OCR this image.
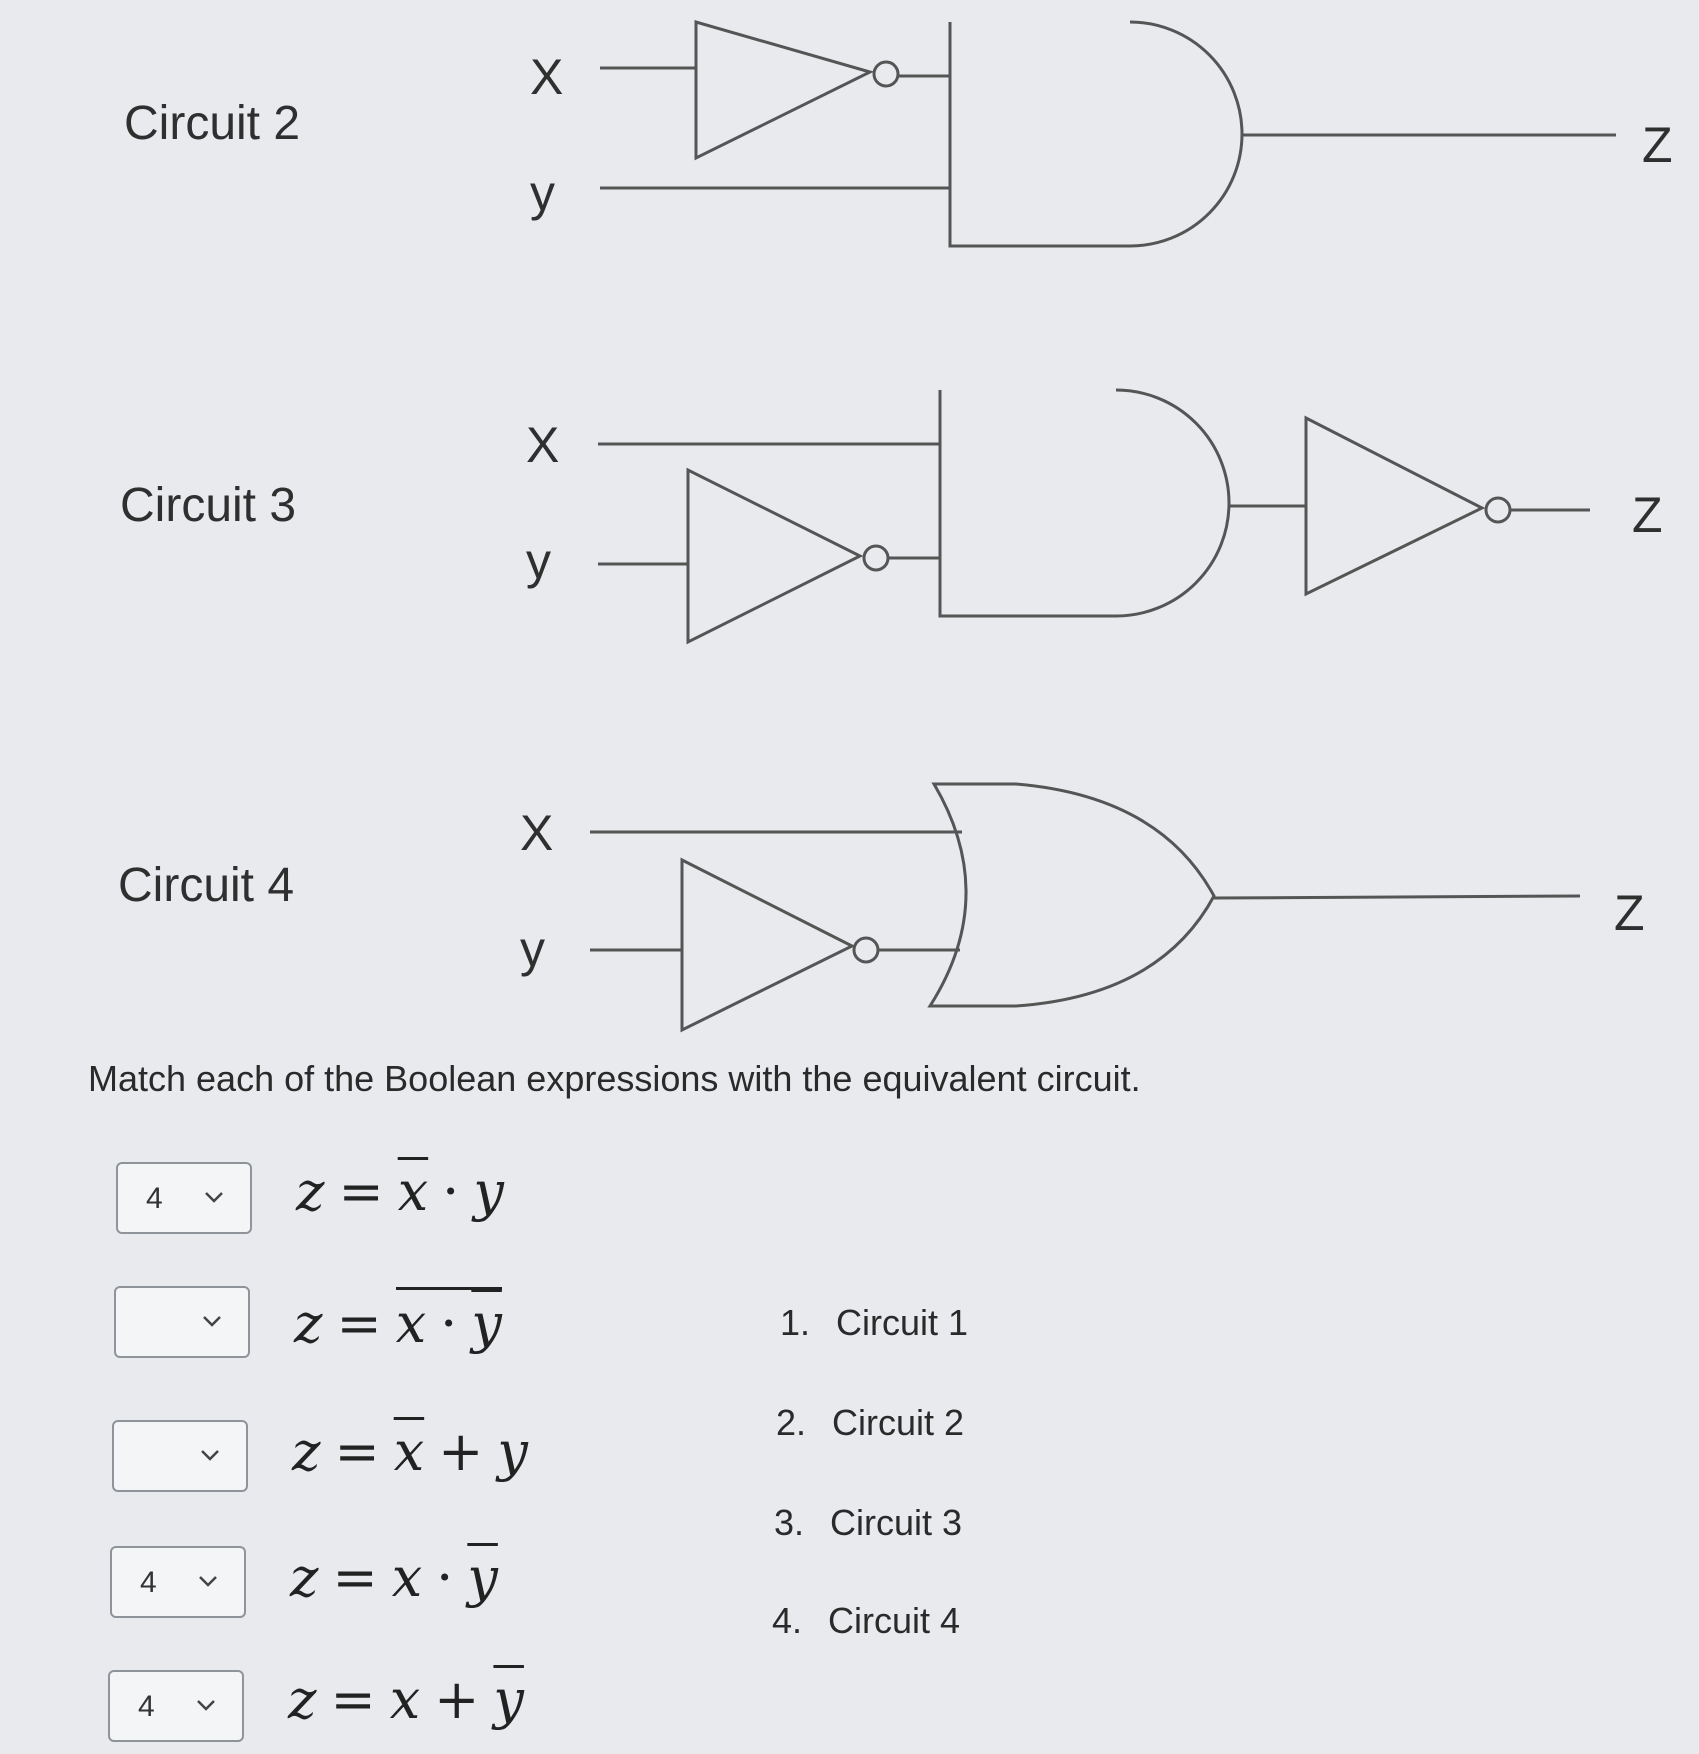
Circuit 2
Circuit 3
Circuit 4
X
y
Z
X
y
Z
X
y
Z
Match each of the Boolean expressions with the equivalent circuit.
4 $z = \overline{x} \cdot y$
$z = x \cdot \overline{y}$
$z = \overline{x} + y$
4 $z = x \cdot \overline{y}$
4 $z = x + \overline{y}$
1. Circuit 1
2. Circuit 2
3. Circuit 3
4. Circuit 4
